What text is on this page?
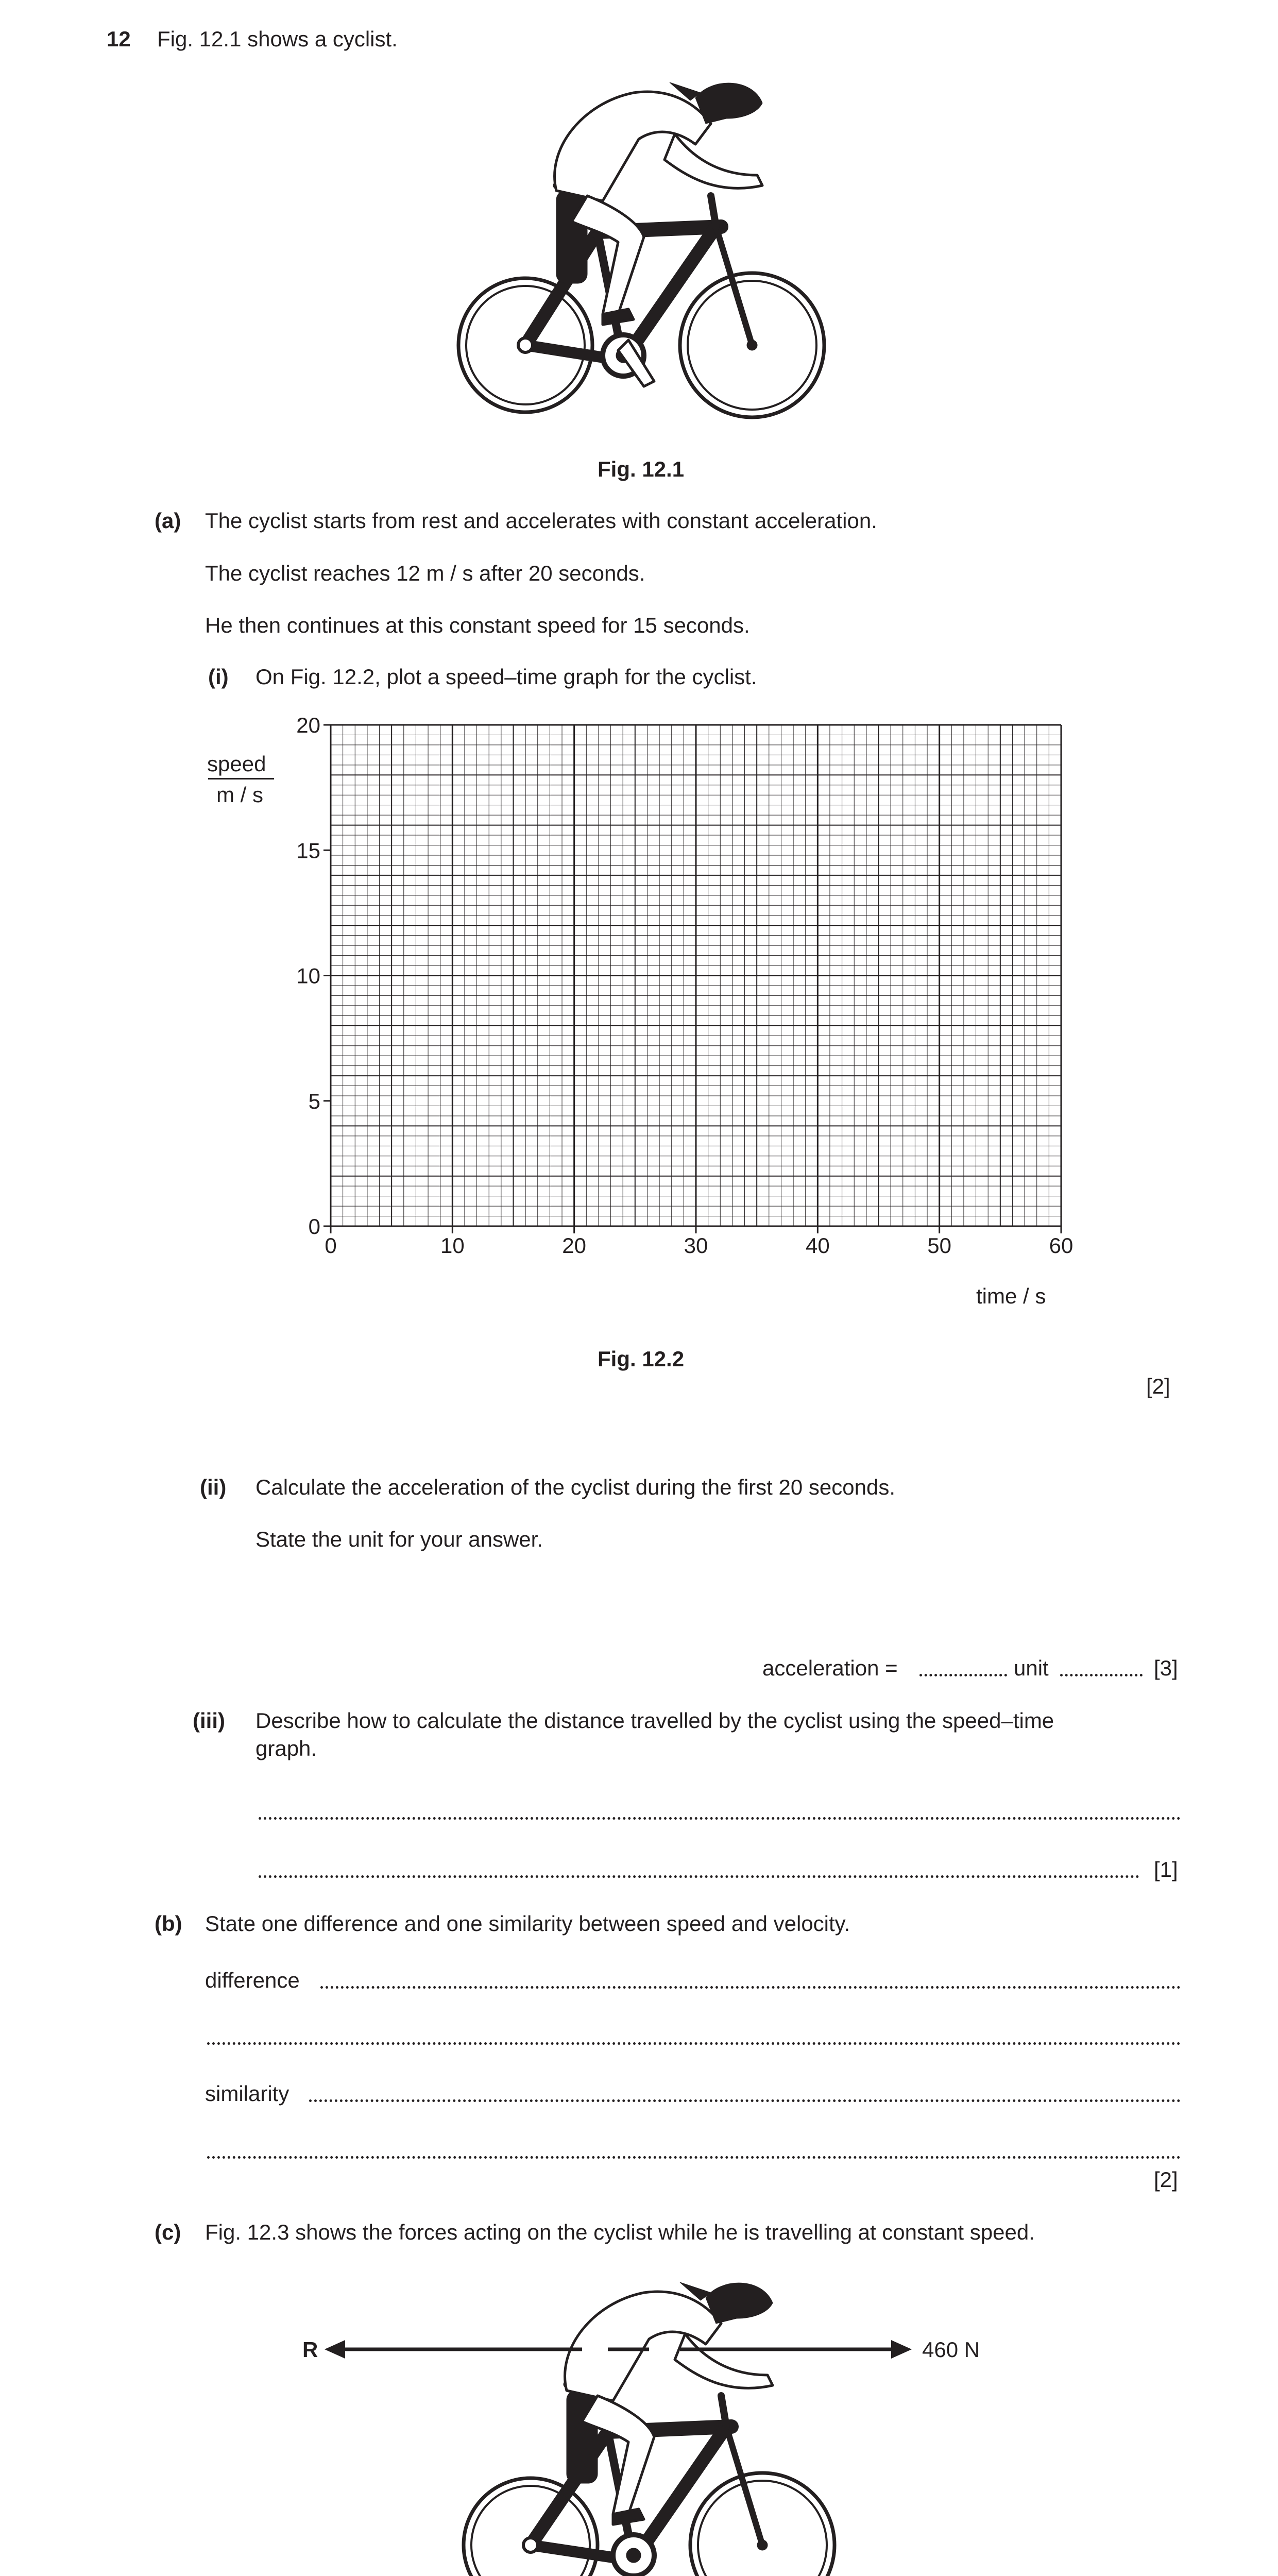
12 Fig. 12.1 shows a cyclist.
Fig. 12.1
(a) The cyclist starts from rest and accelerates with constant acceleration.
The cyclist reaches 12 m / s after 20 seconds.
He then continues at this constant speed for 15 seconds.
(i) On Fig. 12.2, plot a speed–time graph for the cyclist.
speed
m / s
0	10	20	30	40	50	60
0
5
10
15
20
time / s
Fig. 12.2
[2]
(ii) Calculate the acceleration of the cyclist during the first 20 seconds.
State the unit for your answer.
acceleration =	unit	[3]
(iii) Describe how to calculate the distance travelled by the cyclist using the speed–time
graph.
[1]
(b) State one difference and one similarity between speed and velocity.
difference
similarity
[2]
(c) Fig. 12.3 shows the forces acting on the cyclist while he is travelling at constant speed.
R	460 N
